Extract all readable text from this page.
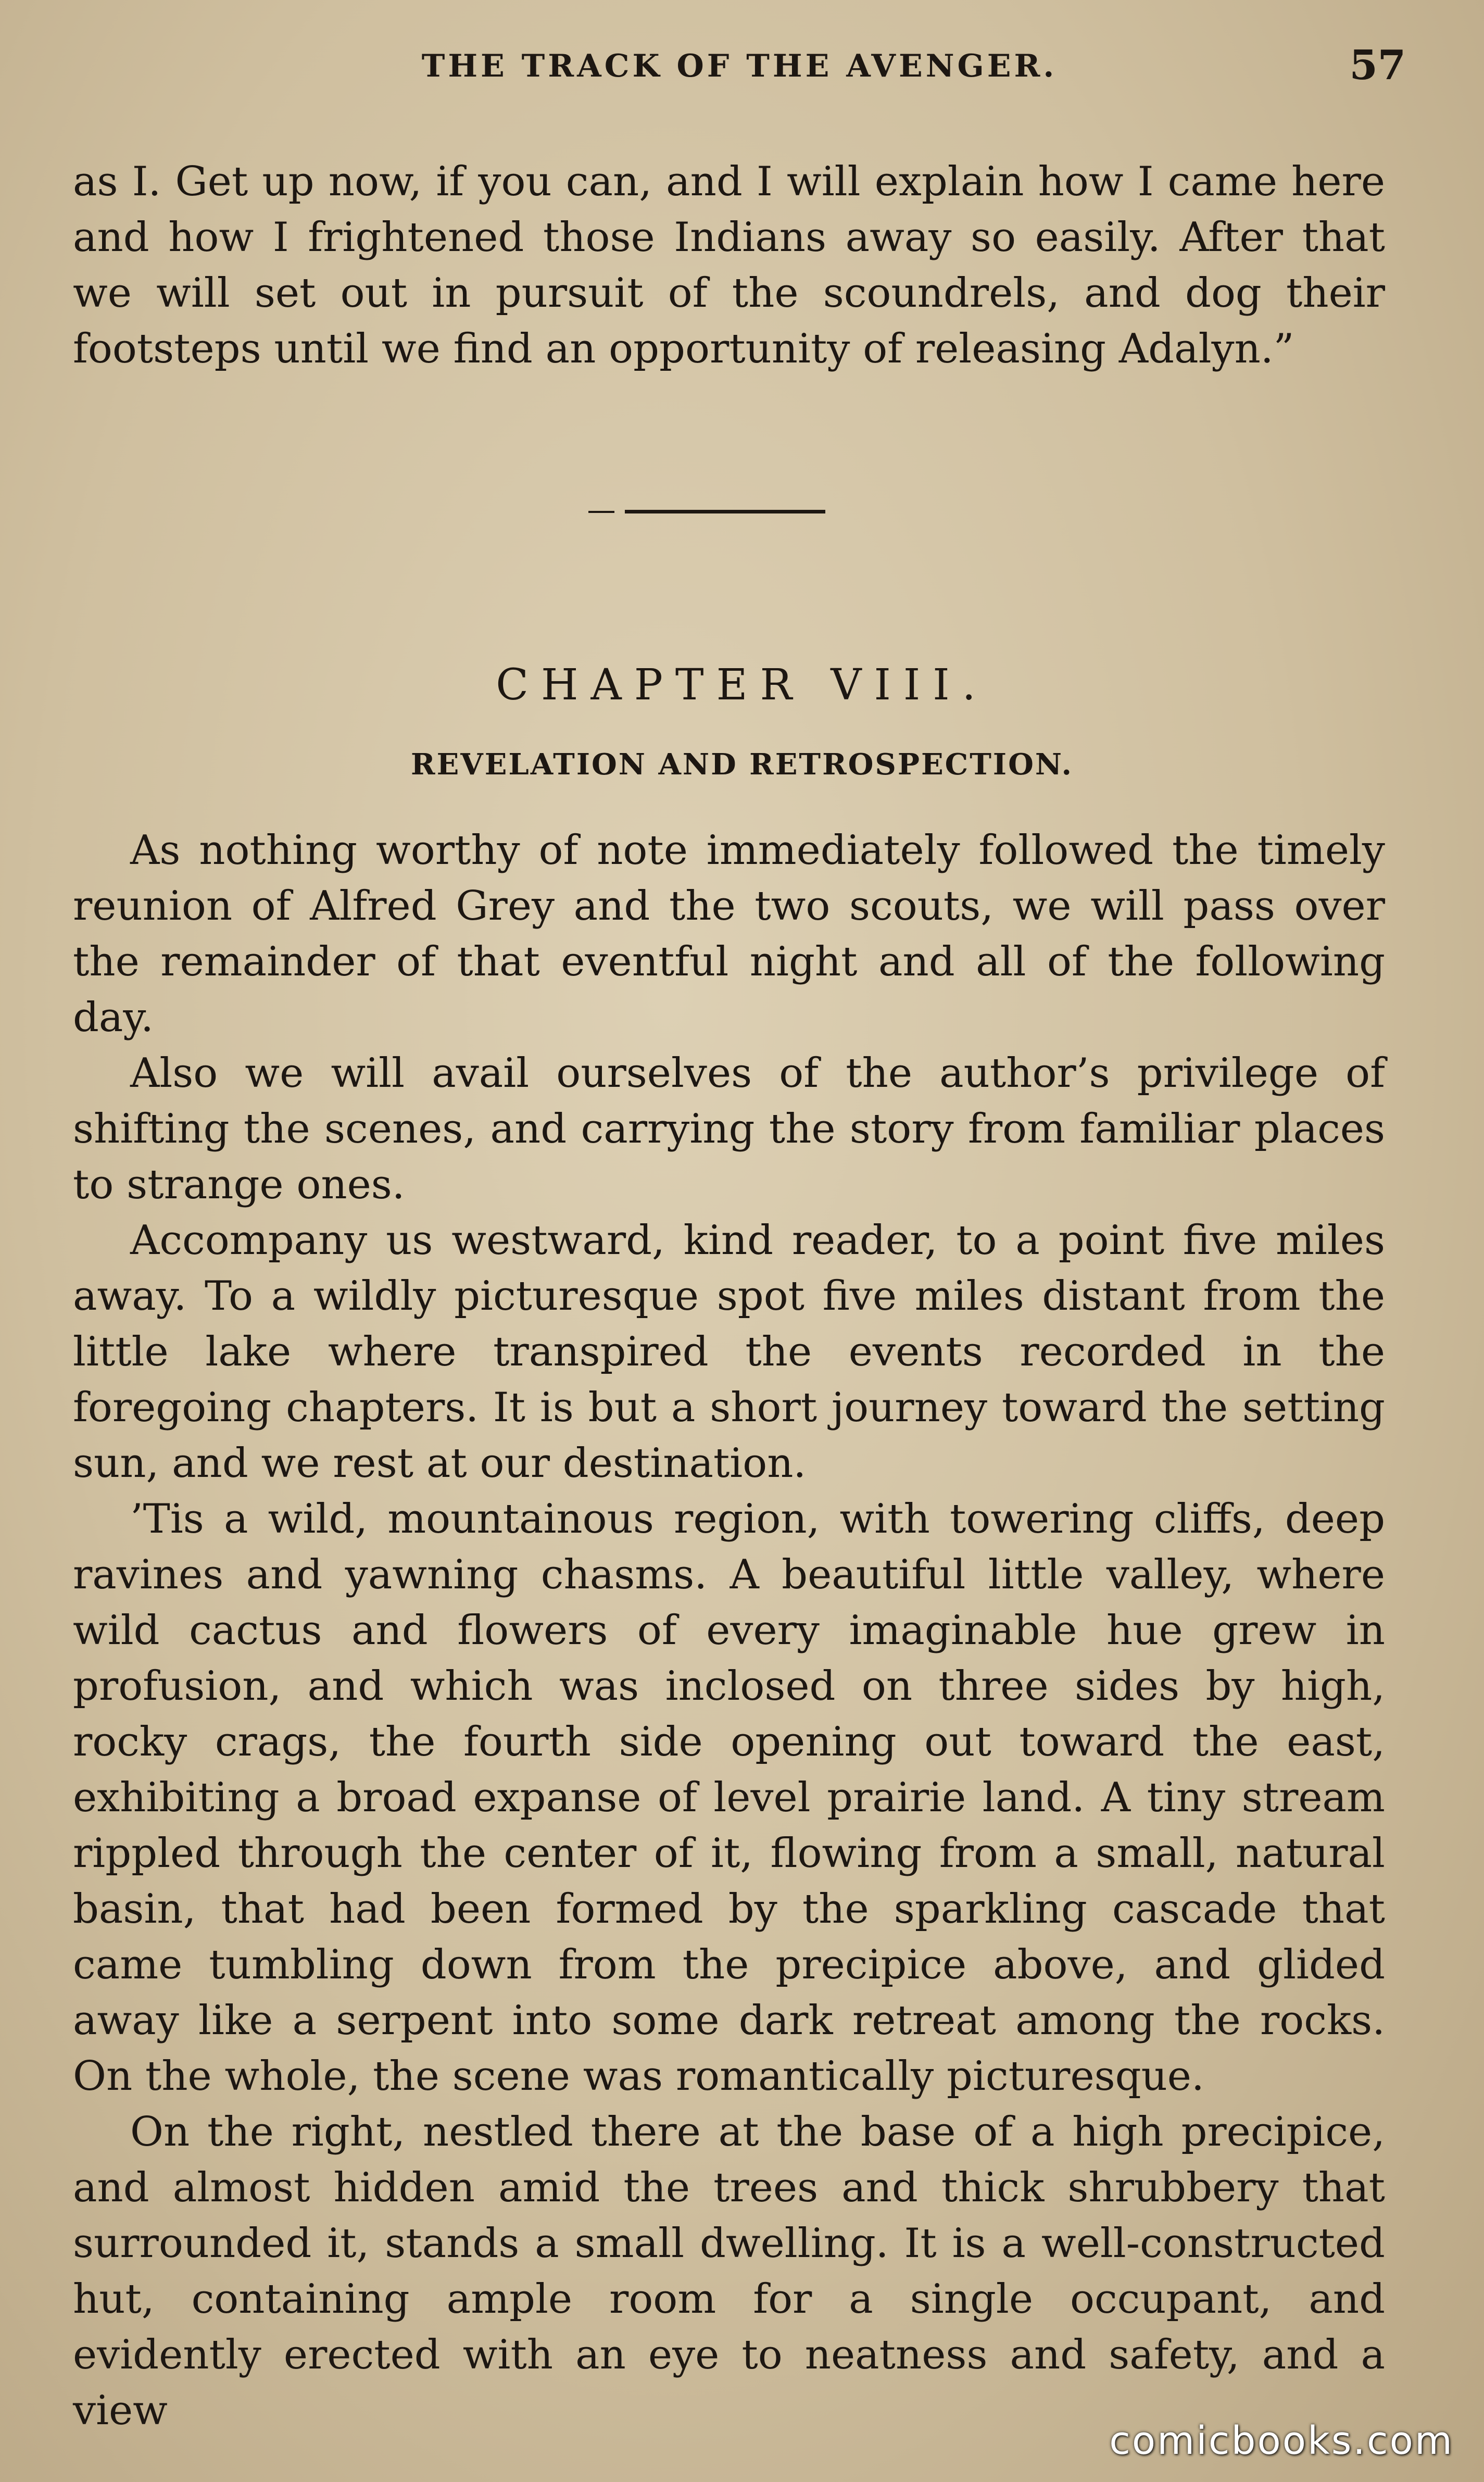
THE TRACK OF THE AVENGER.	57

as I. Get up now, if you can, and I will explain how I came here and how I frightened those Indians away so easily. After that we will set out in pursuit of the scoundrels, and dog their footsteps until we find an opportunity of releasing Adalyn.”

CHAPTER VIII.
REVELATION AND RETROSPECTION.

As nothing worthy of note immediately followed the timely reunion of Alfred Grey and the two scouts, we will pass over the remainder of that eventful night and all of the following day.

Also we will avail ourselves of the author’s privilege of shifting the scenes, and carrying the story from familiar places to strange ones.

Accompany us westward, kind reader, to a point five miles away. To a wildly picturesque spot five miles distant from the little lake where transpired the events recorded in the foregoing chapters. It is but a short journey toward the setting sun, and we rest at our destination.

’Tis a wild, mountainous region, with towering cliffs, deep ravines and yawning chasms. A beautiful little valley, where wild cactus and flowers of every imaginable hue grew in profusion, and which was inclosed on three sides by high, rocky crags, the fourth side opening out toward the east, exhibiting a broad expanse of level prairie land. A tiny stream rippled through the center of it, flowing from a small, natural basin, that had been formed by the sparkling cascade that came tumbling down from the precipice above, and glided away like a serpent into some dark retreat among the rocks. On the whole, the scene was romantically picturesque.

On the right, nestled there at the base of a high precipice, and almost hidden amid the trees and thick shrubbery that surrounded it, stands a small dwelling. It is a well-constructed hut, containing ample room for a single occupant, and evidently erected with an eye to neatness and safety, and a view

comicbooks.com
